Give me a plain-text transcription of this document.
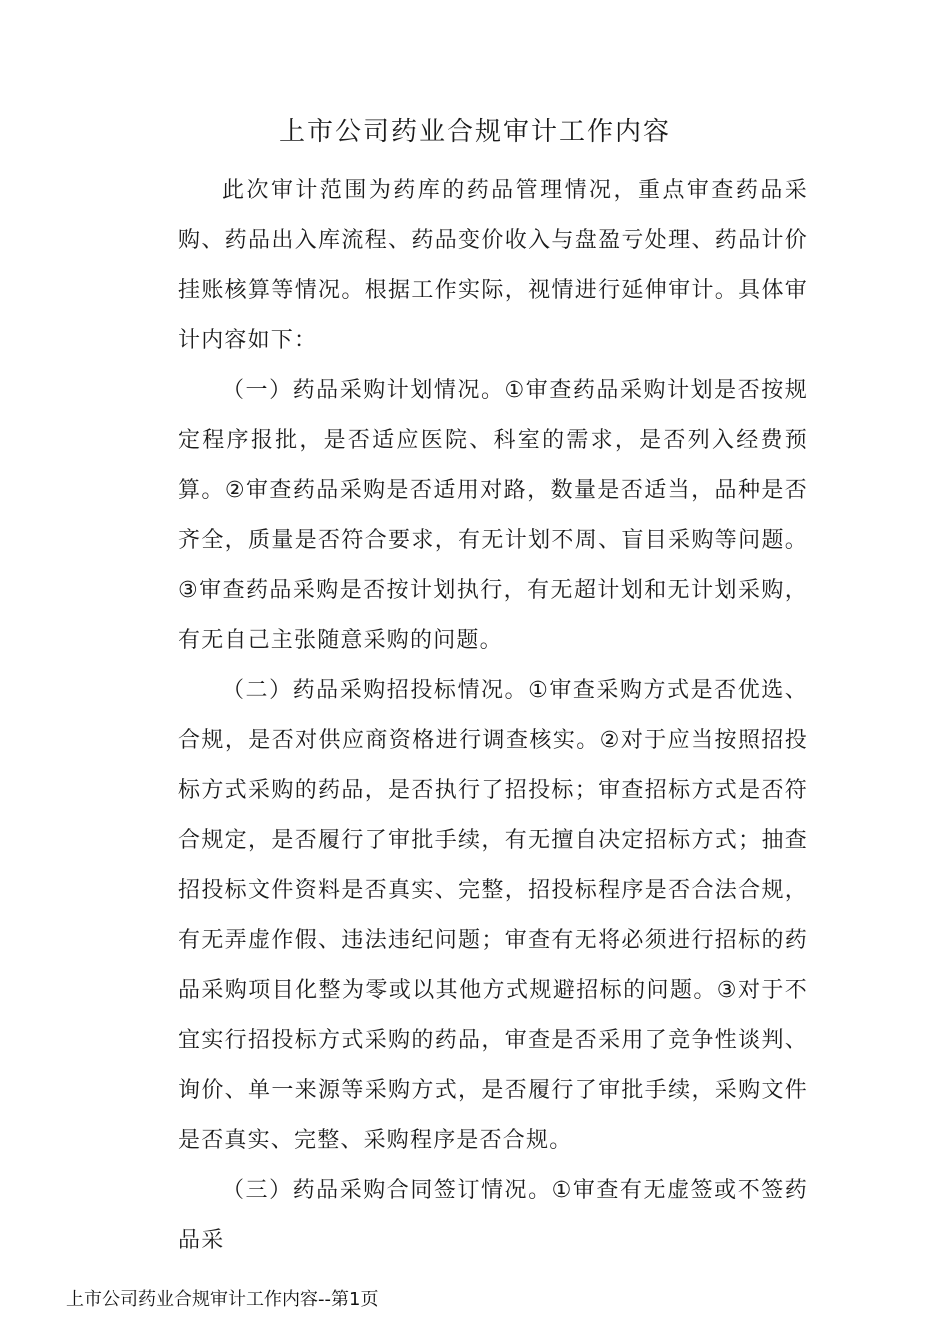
上市公司药业合规审计工作内容

此次审计范围为药库的药品管理情况，重点审查药品采购、药品出入库流程、药品变价收入与盘盈亏处理、药品计价挂账核算等情况。根据工作实际，视情进行延伸审计。具体审计内容如下：

（一）药品采购计划情况。①审查药品采购计划是否按规定程序报批，是否适应医院、科室的需求，是否列入经费预算。②审查药品采购是否适用对路，数量是否适当，品种是否齐全，质量是否符合要求，有无计划不周、盲目采购等问题。③审查药品采购是否按计划执行，有无超计划和无计划采购，有无自己主张随意采购的问题。

（二）药品采购招投标情况。①审查采购方式是否优选、合规，是否对供应商资格进行调查核实。②对于应当按照招投标方式采购的药品，是否执行了招投标；审查招标方式是否符合规定，是否履行了审批手续，有无擅自决定招标方式；抽查招投标文件资料是否真实、完整，招投标程序是否合法合规，有无弄虚作假、违法违纪问题；审查有无将必须进行招标的药品采购项目化整为零或以其他方式规避招标的问题。③对于不宜实行招投标方式采购的药品，审查是否采用了竞争性谈判、询价、单一来源等采购方式，是否履行了审批手续，采购文件是否真实、完整、采购程序是否合规。

（三）药品采购合同签订情况。①审查有无虚签或不签药品采

上市公司药业合规审计工作内容--第1页
